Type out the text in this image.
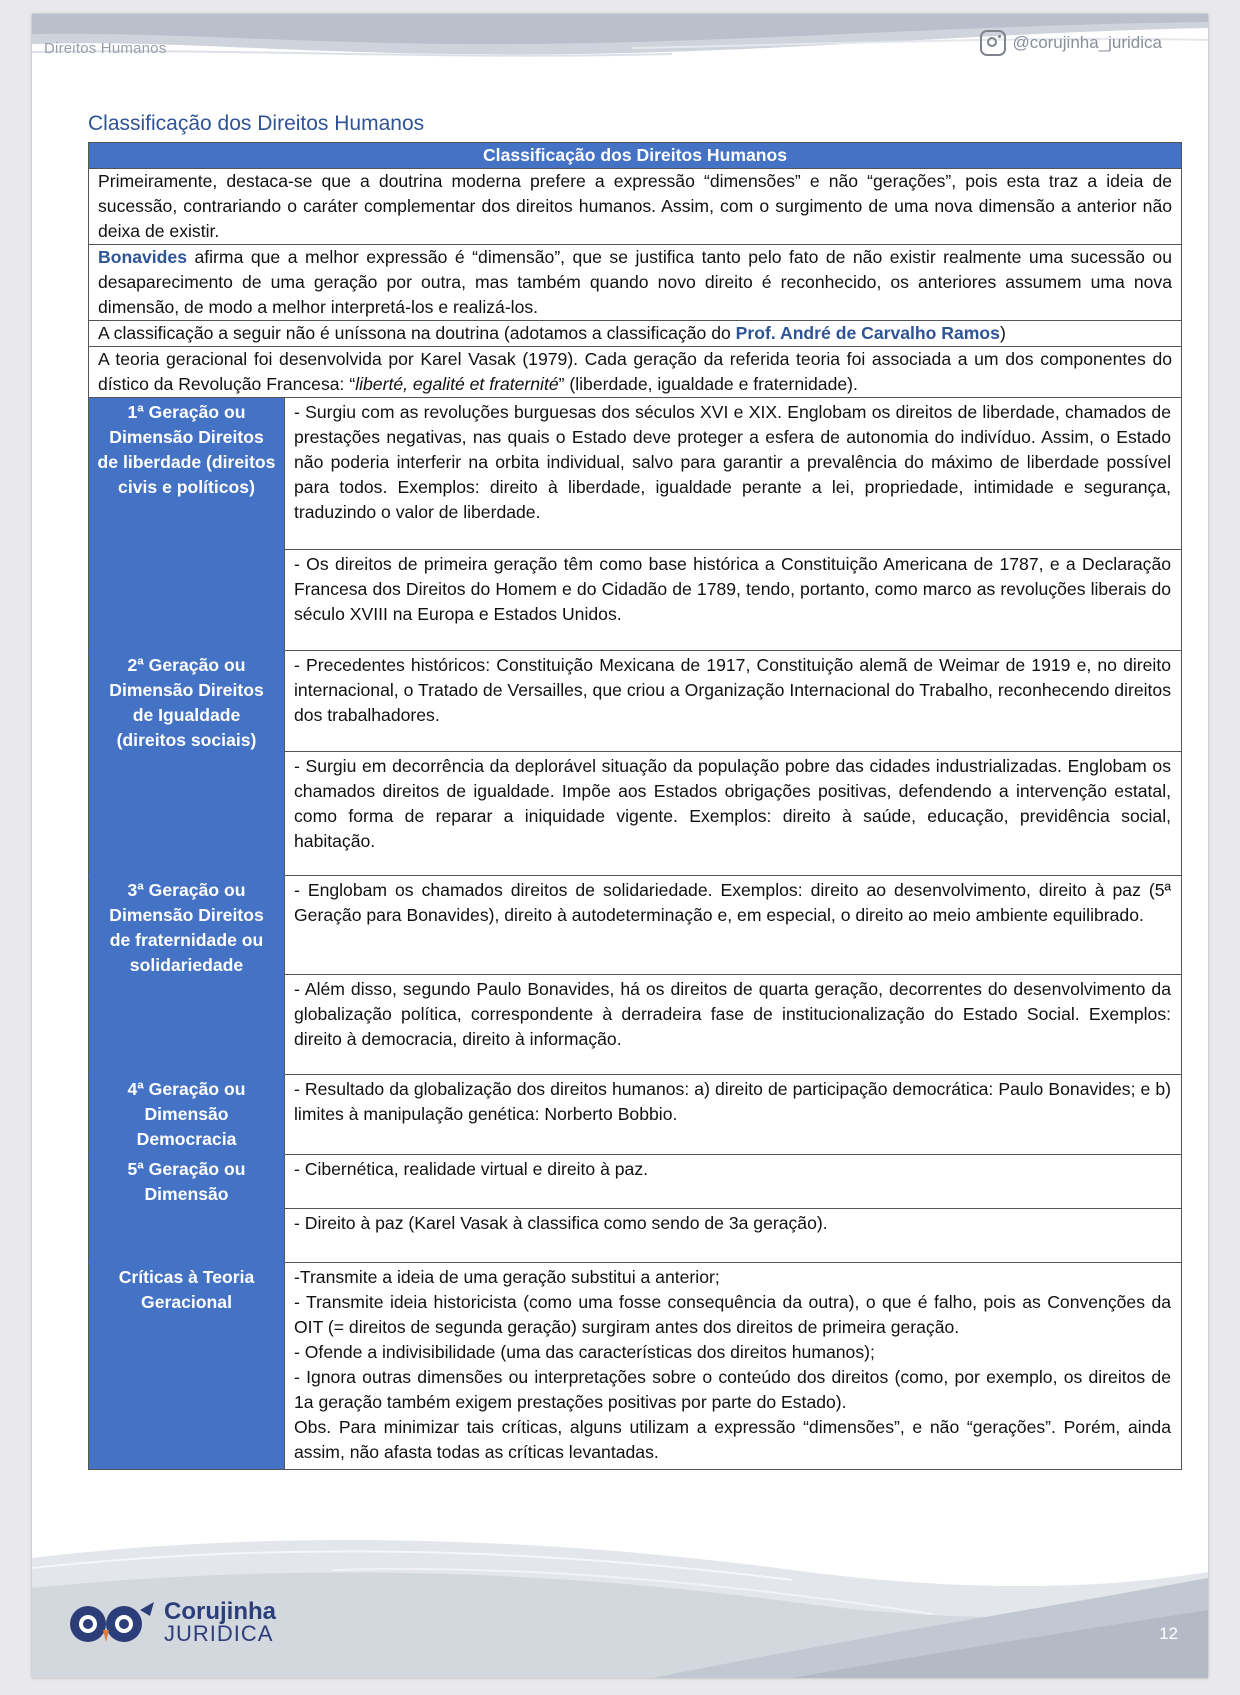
Direitos Humanos	@corujinha_juridica
Classificação dos Direitos Humanos
Classificação dos Direitos Humanos	
Primeiramente, destaca-se que a doutrina moderna prefere a expressão “dimensões” e não “gerações”, pois esta traz a ideia de sucessão, contrariando o caráter complementar dos direitos humanos. Assim, com o surgimento de uma nova dimensão a anterior não deixa de existir.	
Bonavides afirma que a melhor expressão é “dimensão”, que se justifica tanto pelo fato de não existir realmente uma sucessão ou desaparecimento de uma geração por outra, mas também quando novo direito é reconhecido, os anteriores assumem uma nova dimensão, de modo a melhor interpretá-los e realizá-los.	
A classificação a seguir não é uníssona na doutrina (adotamos a classificação do Prof. André de Carvalho Ramos)	
A teoria geracional foi desenvolvida por Karel Vasak (1979). Cada geração da referida teoria foi associada a um dos componentes do dístico da Revolução Francesa: “liberté, egalité et fraternité” (liberdade, igualdade e fraternidade).	
1ª Geração ou Dimensão Direitos de liberdade (direitos civis e políticos)	- Surgiu com as revoluções burguesas dos séculos XVI e XIX. Englobam os direitos de liberdade, chamados de prestações negativas, nas quais o Estado deve proteger a esfera de autonomia do indivíduo. Assim, o Estado não poderia interferir na orbita individual, salvo para garantir a prevalência do máximo de liberdade possível para todos. Exemplos: direito à liberdade, igualdade perante a lei, propriedade, intimidade e segurança, traduzindo o valor de liberdade.
	- Os direitos de primeira geração têm como base histórica a Constituição Americana de 1787, e a Declaração Francesa dos Direitos do Homem e do Cidadão de 1789, tendo, portanto, como marco as revoluções liberais do século XVIII na Europa e Estados Unidos.
2ª Geração ou Dimensão Direitos de Igualdade (direitos sociais)	- Precedentes históricos: Constituição Mexicana de 1917, Constituição alemã de Weimar de 1919 e, no direito internacional, o Tratado de Versailles, que criou a Organização Internacional do Trabalho, reconhecendo direitos dos trabalhadores.
	- Surgiu em decorrência da deplorável situação da população pobre das cidades industrializadas. Englobam os chamados direitos de igualdade. Impõe aos Estados obrigações positivas, defendendo a intervenção estatal, como forma de reparar a iniquidade vigente. Exemplos: direito à saúde, educação, previdência social, habitação.
3ª Geração ou Dimensão Direitos de fraternidade ou solidariedade	- Englobam os chamados direitos de solidariedade. Exemplos: direito ao desenvolvimento, direito à paz (5ª Geração para Bonavides), direito à autodeterminação e, em especial, o direito ao meio ambiente equilibrado.
	- Além disso, segundo Paulo Bonavides, há os direitos de quarta geração, decorrentes do desenvolvimento da globalização política, correspondente à derradeira fase de institucionalização do Estado Social. Exemplos: direito à democracia, direito à informação.
4ª Geração ou Dimensão Democracia	- Resultado da globalização dos direitos humanos: a) direito de participação democrática: Paulo Bonavides; e b) limites à manipulação genética: Norberto Bobbio.
5ª Geração ou Dimensão	- Cibernética, realidade virtual e direito à paz.
	- Direito à paz (Karel Vasak à classifica como sendo de 3a geração).
Críticas à Teoria Geracional	-Transmite a ideia de uma geração substitui a anterior;
- Transmite ideia historicista (como uma fosse consequência da outra), o que é falho, pois as Convenções da OIT (= direitos de segunda geração) surgiram antes dos direitos de primeira geração.
- Ofende a indivisibilidade (uma das características dos direitos humanos);
- Ignora outras dimensões ou interpretações sobre o conteúdo dos direitos (como, por exemplo, os direitos de 1a geração também exigem prestações positivas por parte do Estado).
Obs. Para minimizar tais críticas, alguns utilizam a expressão “dimensões”, e não “gerações”. Porém, ainda assim, não afasta todas as críticas levantadas.
Corujinha
JURIDICA	12
